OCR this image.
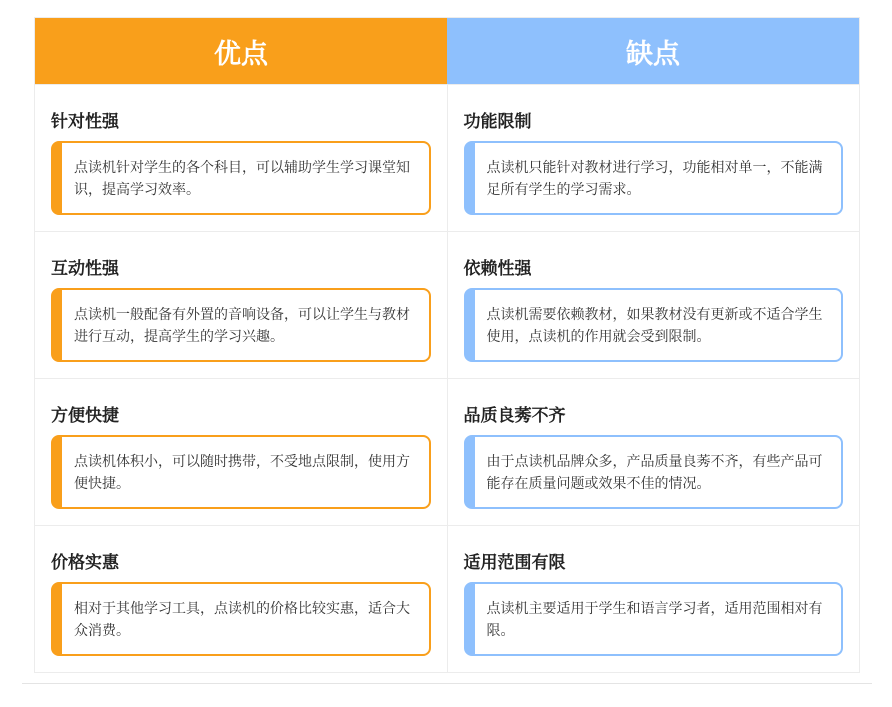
优点	缺点
针对性强
点读机针对学生的各个科目，可以辅助学生学习课堂知识，提高学习效率。
功能限制
点读机只能针对教材进行学习，功能相对单一，不能满足所有学生的学习需求。
互动性强
点读机一般配备有外置的音响设备，可以让学生与教材进行互动，提高学生的学习兴趣。
依赖性强
点读机需要依赖教材，如果教材没有更新或不适合学生使用，点读机的作用就会受到限制。
方便快捷
点读机体积小，可以随时携带，不受地点限制，使用方便快捷。
品质良莠不齐
由于点读机品牌众多，产品质量良莠不齐，有些产品可能存在质量问题或效果不佳的情况。
价格实惠
相对于其他学习工具，点读机的价格比较实惠，适合大众消费。
适用范围有限
点读机主要适用于学生和语言学习者，适用范围相对有限。
